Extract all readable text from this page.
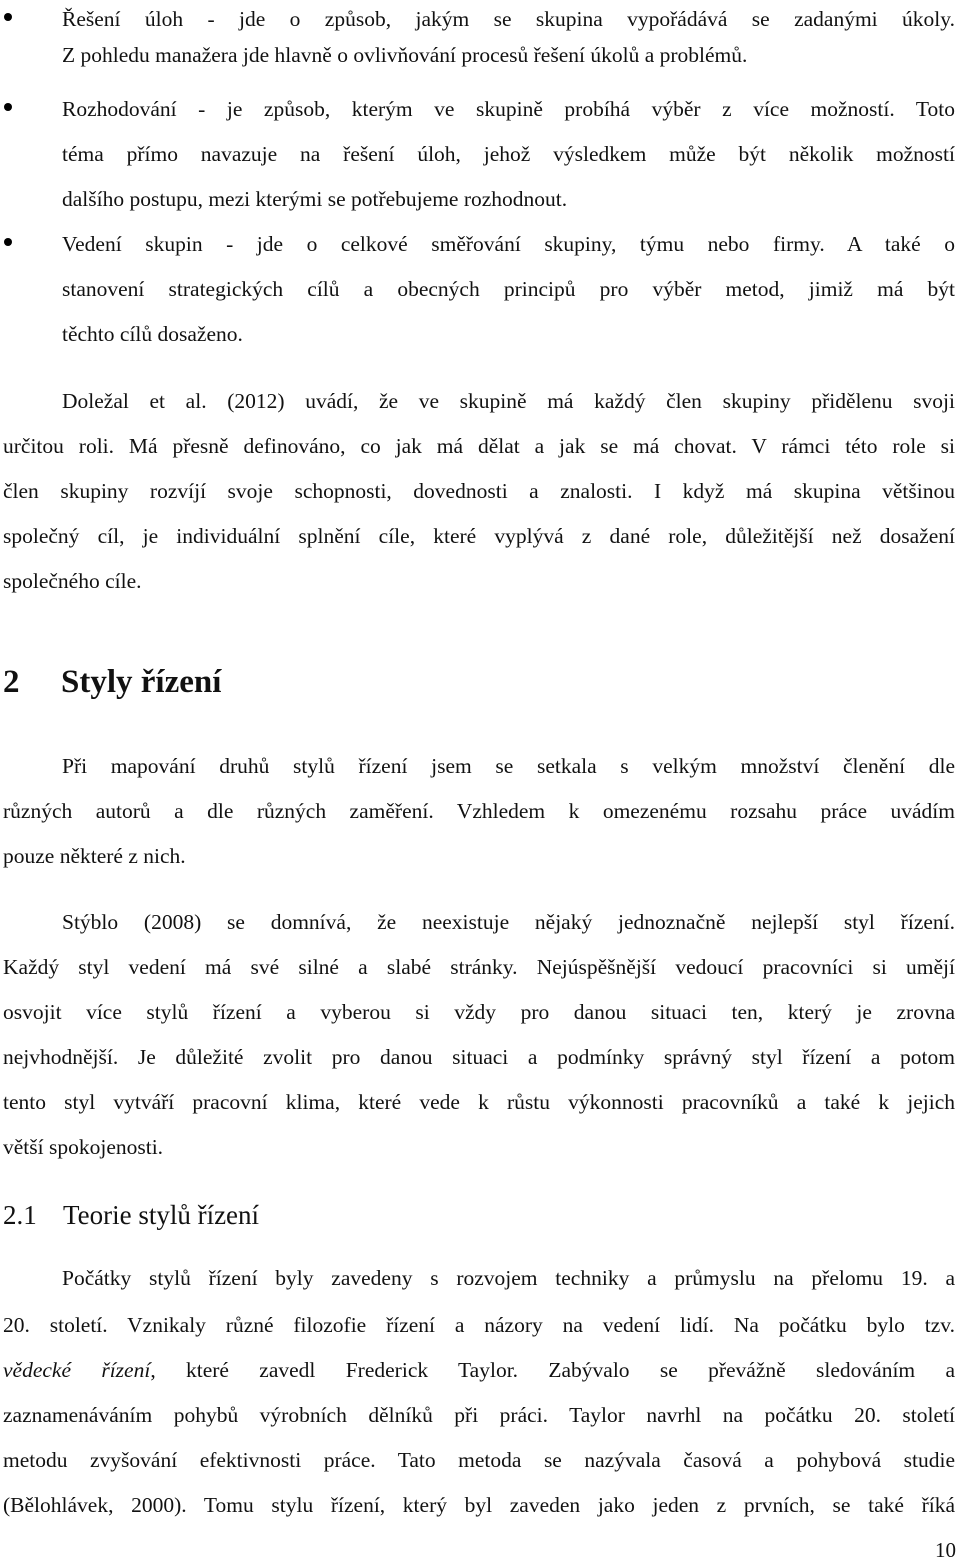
Řešení úloh - jde o způsob, jakým se skupina vypořádává se zadanými úkoly.
Z pohledu manažera jde hlavně o ovlivňování procesů řešení úkolů a problémů.
Rozhodování - je způsob, kterým ve skupině probíhá výběr z více možností. Toto
téma přímo navazuje na řešení úloh, jehož výsledkem může být několik možností
dalšího postupu, mezi kterými se potřebujeme rozhodnout.
Vedení skupin - jde o celkové směřování skupiny, týmu nebo firmy. A také o
stanovení strategických cílů a obecných principů pro výběr metod, jimiž má být
těchto cílů dosaženo.
Doležal et al. (2012) uvádí, že ve skupině má každý člen skupiny přidělenu svoji
určitou roli. Má přesně definováno, co jak má dělat a jak se má chovat. V rámci této role si
člen skupiny rozvíjí svoje schopnosti, dovednosti a znalosti. I když má skupina většinou
společný cíl, je individuální splnění cíle, které vyplývá z dané role, důležitější než dosažení
společného cíle.
2 Styly řízení
Při mapování druhů stylů řízení jsem se setkala s velkým množství členění dle
různých autorů a dle různých zaměření. Vzhledem k omezenému rozsahu práce uvádím
pouze některé z nich.
Stýblo (2008) se domnívá, že neexistuje nějaký jednoznačně nejlepší styl řízení.
Každý styl vedení má své silné a slabé stránky. Nejúspěšnější vedoucí pracovníci si umějí
osvojit více stylů řízení a vyberou si vždy pro danou situaci ten, který je zrovna
nejvhodnější. Je důležité zvolit pro danou situaci a podmínky správný styl řízení a potom
tento styl vytváří pracovní klima, které vede k růstu výkonnosti pracovníků a také k jejich
větší spokojenosti.
2.1 Teorie stylů řízení
Počátky stylů řízení byly zavedeny s rozvojem techniky a průmyslu na přelomu 19. a
20. století. Vznikaly různé filozofie řízení a názory na vedení lidí. Na počátku bylo tzv.
vědecké řízení, které zavedl Frederick Taylor. Zabývalo se převážně sledováním a
zaznamenáváním pohybů výrobních dělníků při práci. Taylor navrhl na počátku 20. století
metodu zvyšování efektivnosti práce. Tato metoda se nazývala časová a pohybová studie
(Bělohlávek, 2000). Tomu stylu řízení, který byl zaveden jako jeden z prvních, se také říká
10
